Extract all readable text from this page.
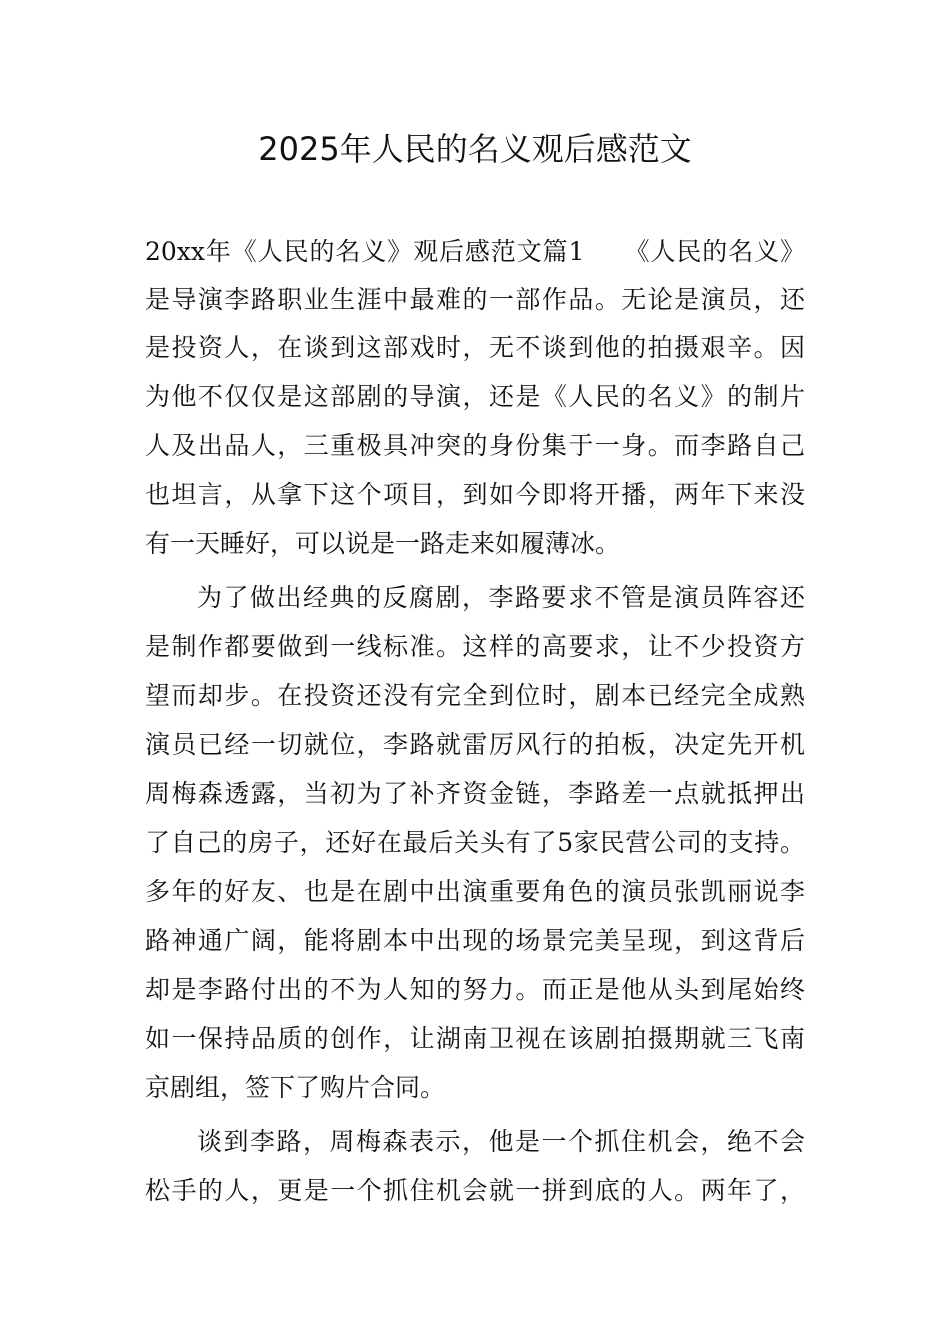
2025年人民的名义观后感范文
20xx年《人民的名义》观后感范文篇1　　《人民的名义》
是导演李路职业生涯中最难的一部作品。无论是演员，还
是投资人，在谈到这部戏时，无不谈到他的拍摄艰辛。因
为他不仅仅是这部剧的导演，还是《人民的名义》的制片
人及出品人，三重极具冲突的身份集于一身。而李路自己
也坦言，从拿下这个项目，到如今即将开播，两年下来没
有一天睡好，可以说是一路走来如履薄冰。
为了做出经典的反腐剧，李路要求不管是演员阵容还
是制作都要做到一线标准。这样的高要求，让不少投资方
望而却步。在投资还没有完全到位时，剧本已经完全成熟
演员已经一切就位，李路就雷厉风行的拍板，决定先开机
周梅森透露，当初为了补齐资金链，李路差一点就抵押出
了自己的房子，还好在最后关头有了5家民营公司的支持。
多年的好友、也是在剧中出演重要角色的演员张凯丽说李
路神通广阔，能将剧本中出现的场景完美呈现，到这背后
却是李路付出的不为人知的努力。而正是他从头到尾始终
如一保持品质的创作，让湖南卫视在该剧拍摄期就三飞南
京剧组，签下了购片合同。
谈到李路，周梅森表示，他是一个抓住机会，绝不会
松手的人，更是一个抓住机会就一拼到底的人。两年了，
